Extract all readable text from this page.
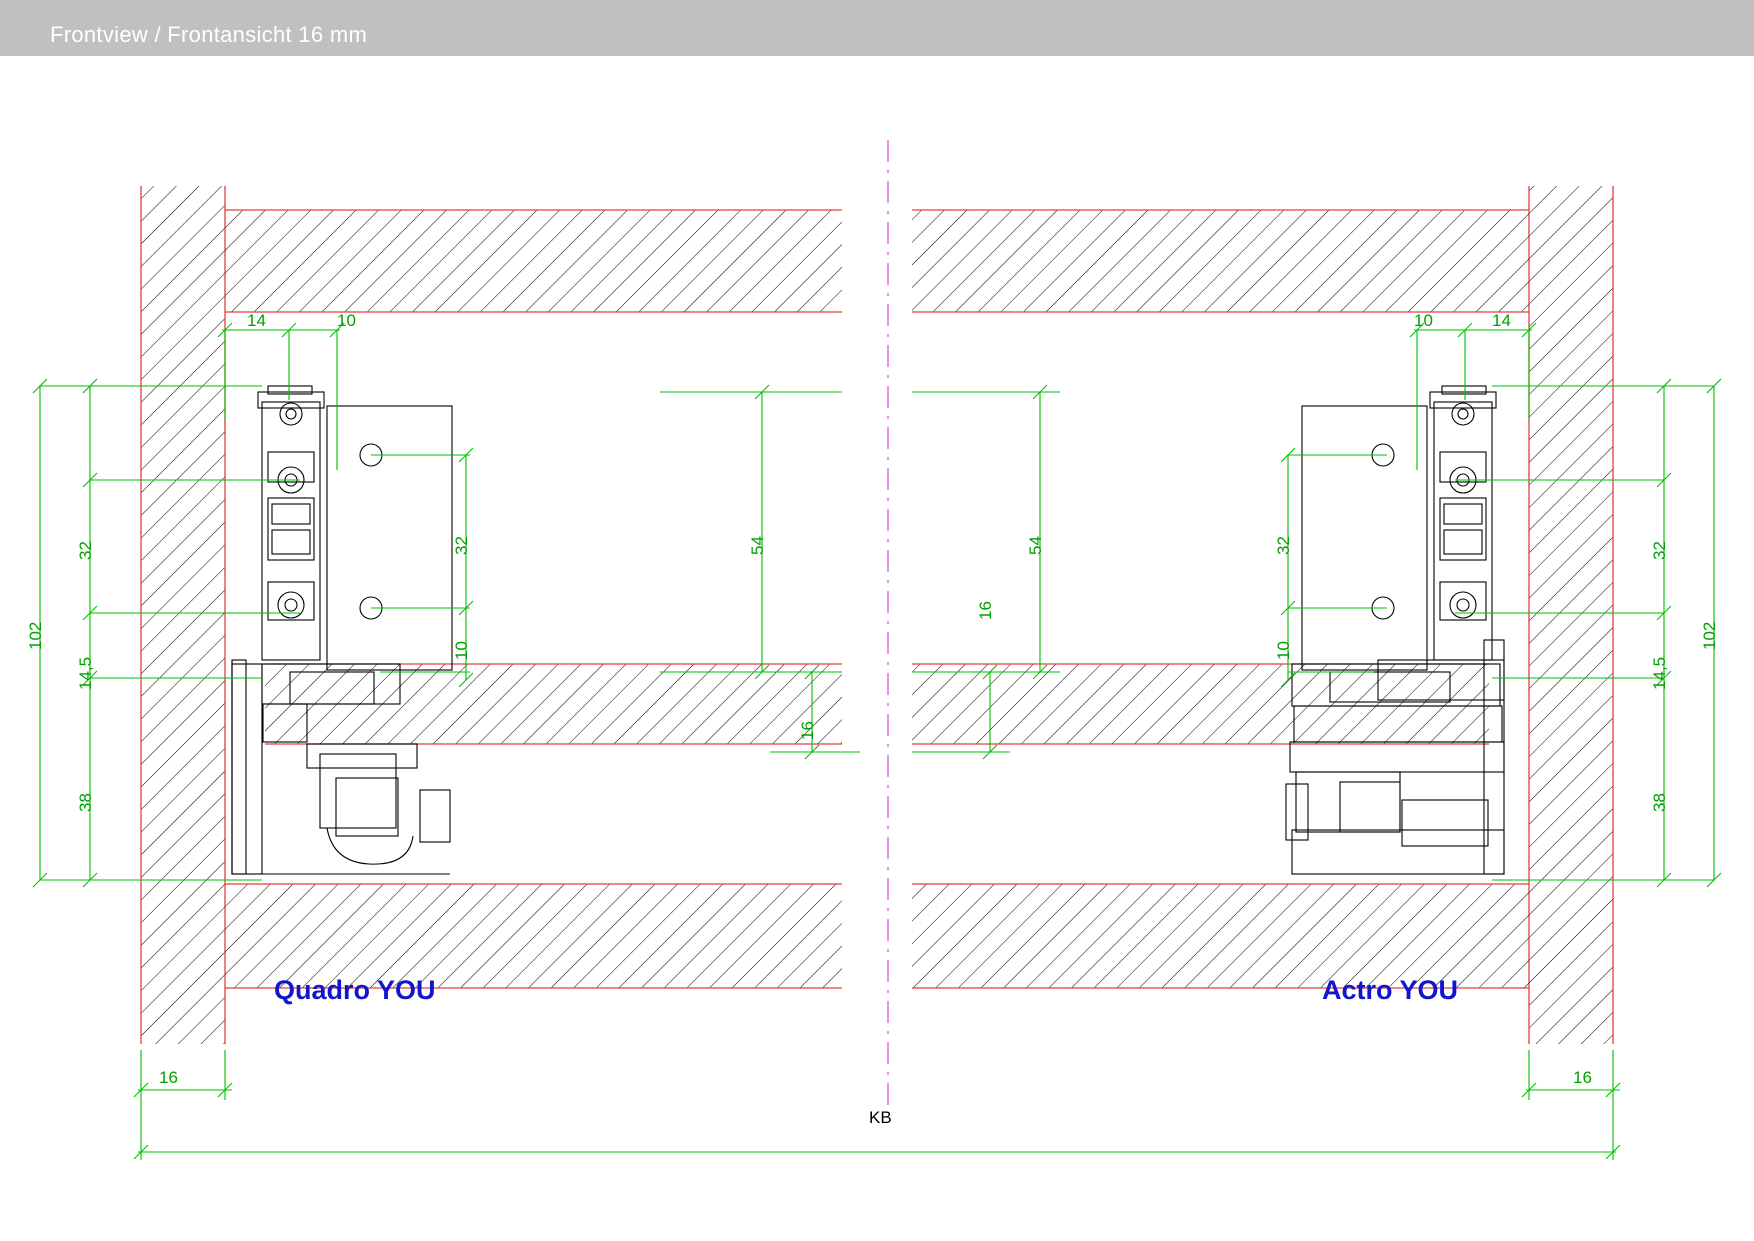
Frontview / Frontansicht 16 mm
14	10
102
32
14,5
38
32
10
54
16
16
10	14
54
16
32
10
32
14,5
38
102
16
Quadro YOU	Actro YOU
KB
